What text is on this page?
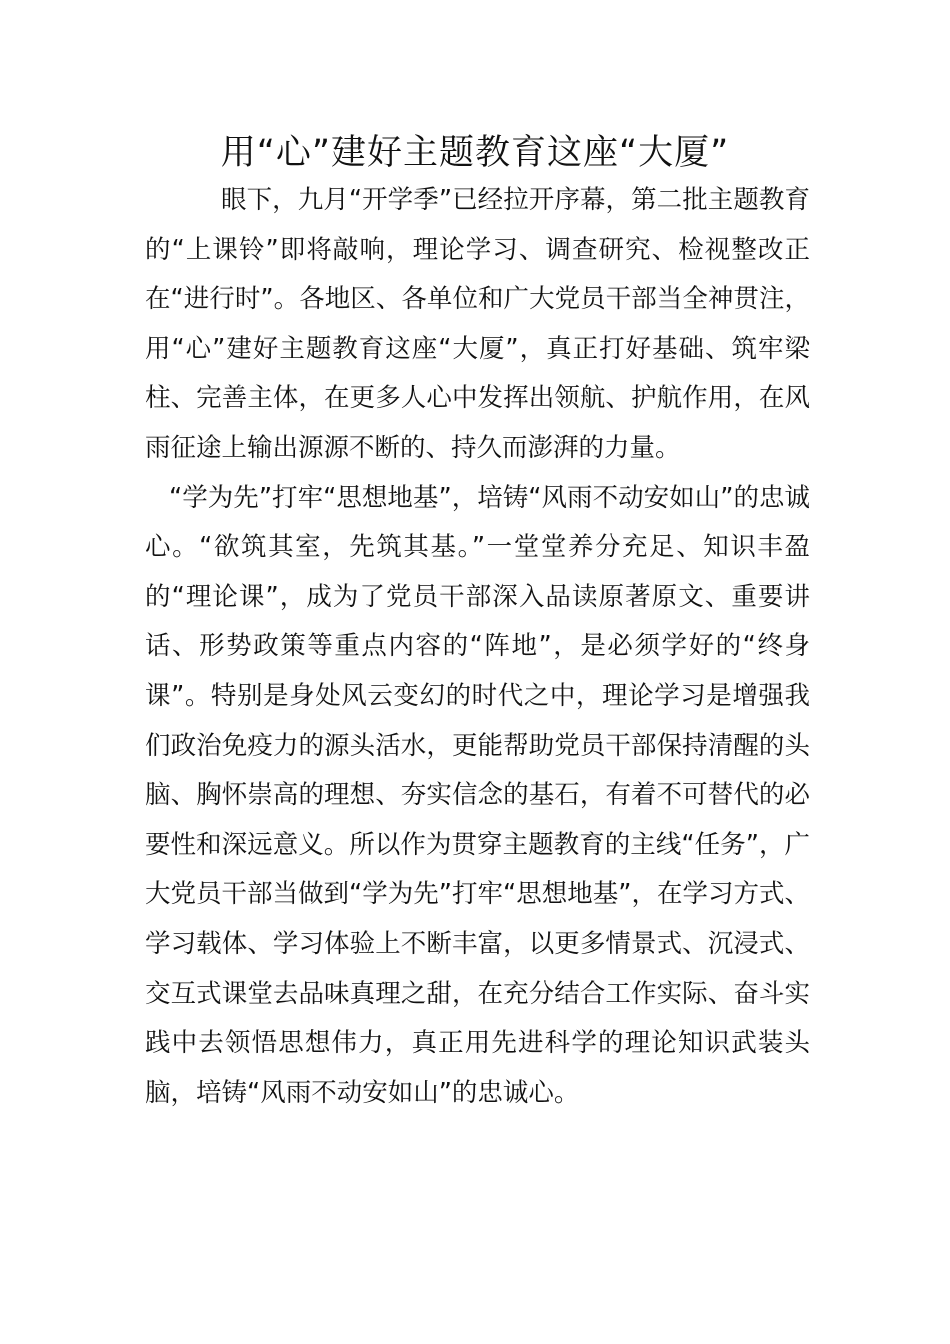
用“心”建好主题教育这座“大厦”

眼下，九月“开学季”已经拉开序幕，第二批主题教育的“上课铃”即将敲响，理论学习、调查研究、检视整改正在“进行时”。各地区、各单位和广大党员干部当全神贯注，用“心”建好主题教育这座“大厦”，真正打好基础、筑牢梁柱、完善主体，在更多人心中发挥出领航、护航作用，在风雨征途上输出源源不断的、持久而澎湃的力量。

“学为先”打牢“思想地基”，培铸“风雨不动安如山”的忠诚心。“欲筑其室，先筑其基。”一堂堂养分充足、知识丰盈的“理论课”，成为了党员干部深入品读原著原文、重要讲话、形势政策等重点内容的“阵地”，是必须学好的“终身课”。特别是身处风云变幻的时代之中，理论学习是增强我们政治免疫力的源头活水，更能帮助党员干部保持清醒的头脑、胸怀崇高的理想、夯实信念的基石，有着不可替代的必要性和深远意义。所以作为贯穿主题教育的主线“任务”，广大党员干部当做到“学为先”打牢“思想地基”，在学习方式、学习载体、学习体验上不断丰富，以更多情景式、沉浸式、交互式课堂去品味真理之甜，在充分结合工作实际、奋斗实践中去领悟思想伟力，真正用先进科学的理论知识武装头脑，培铸“风雨不动安如山”的忠诚心。
